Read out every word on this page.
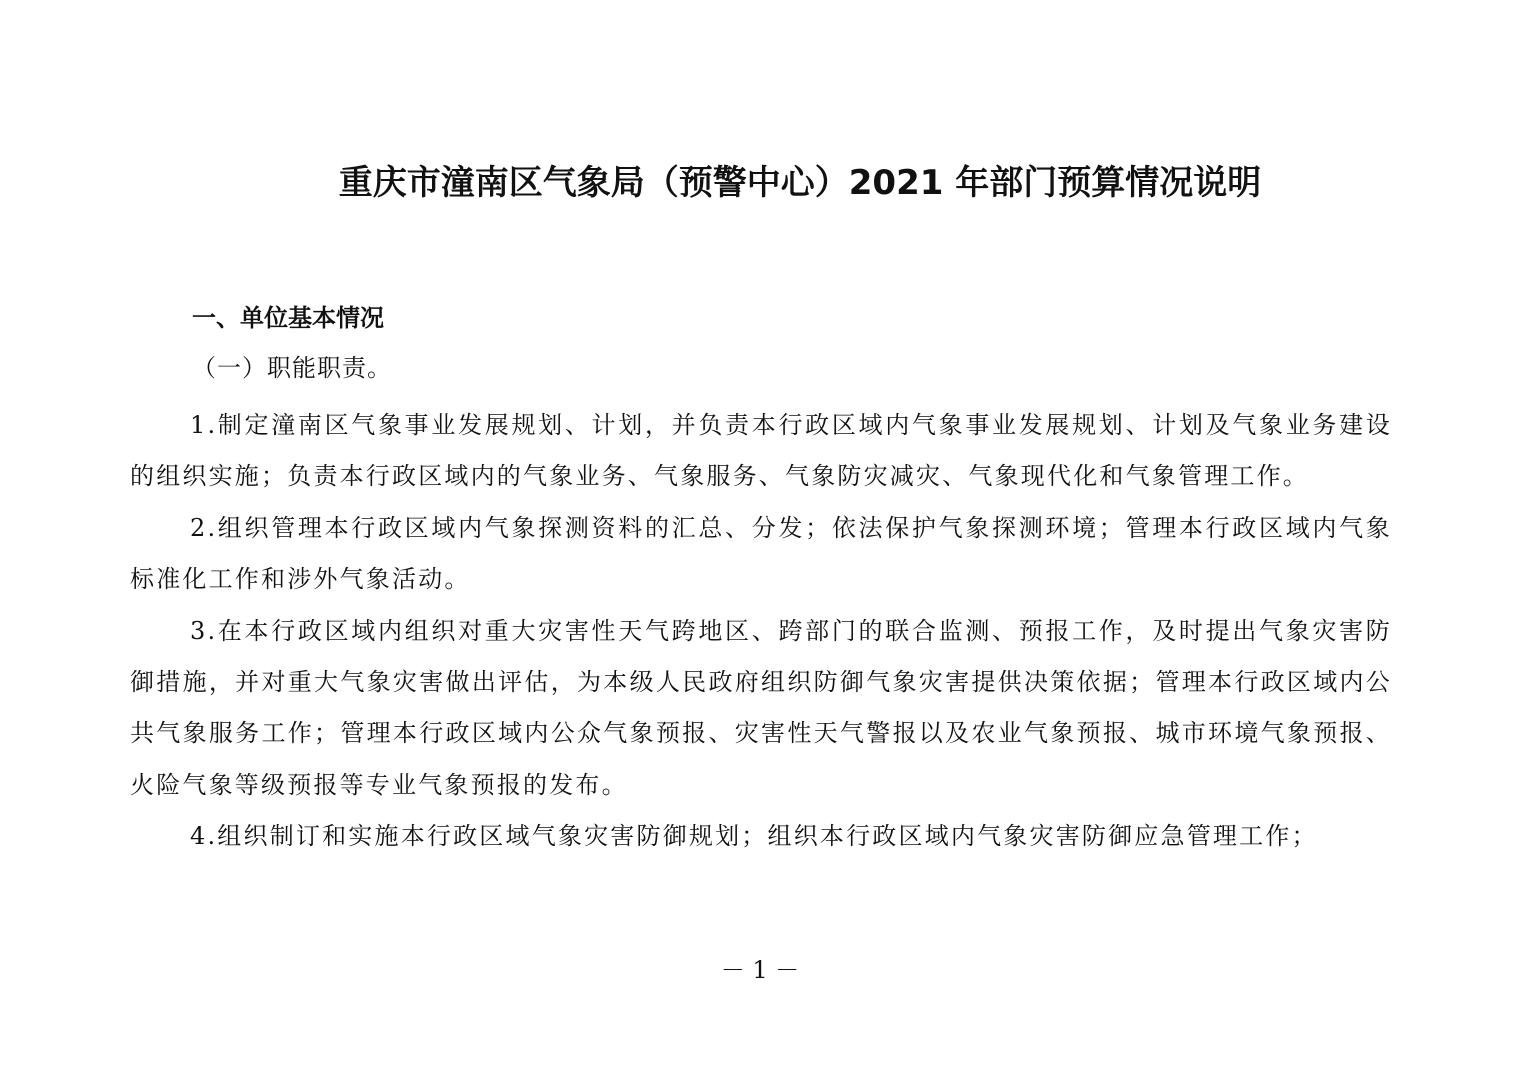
重庆市潼南区气象局（预警中心）2021 年部门预算情况说明
一、单位基本情况
（一）职能职责。

1.制定潼南区气象事业发展规划、计划，并负责本行政区域内气象事业发展规划、计划及气象业务建设的组织实施；负责本行政区域内的气象业务、气象服务、气象防灾减灾、气象现代化和气象管理工作。

2.组织管理本行政区域内气象探测资料的汇总、分发；依法保护气象探测环境；管理本行政区域内气象标准化工作和涉外气象活动。

3.在本行政区域内组织对重大灾害性天气跨地区、跨部门的联合监测、预报工作，及时提出气象灾害防御措施，并对重大气象灾害做出评估，为本级人民政府组织防御气象灾害提供决策依据；管理本行政区域内公共气象服务工作；管理本行政区域内公众气象预报、灾害性天气警报以及农业气象预报、城市环境气象预报、火险气象等级预报等专业气象预报的发布。

4.组织制订和实施本行政区域气象灾害防御规划；组织本行政区域内气象灾害防御应急管理工作；

－ 1 －
